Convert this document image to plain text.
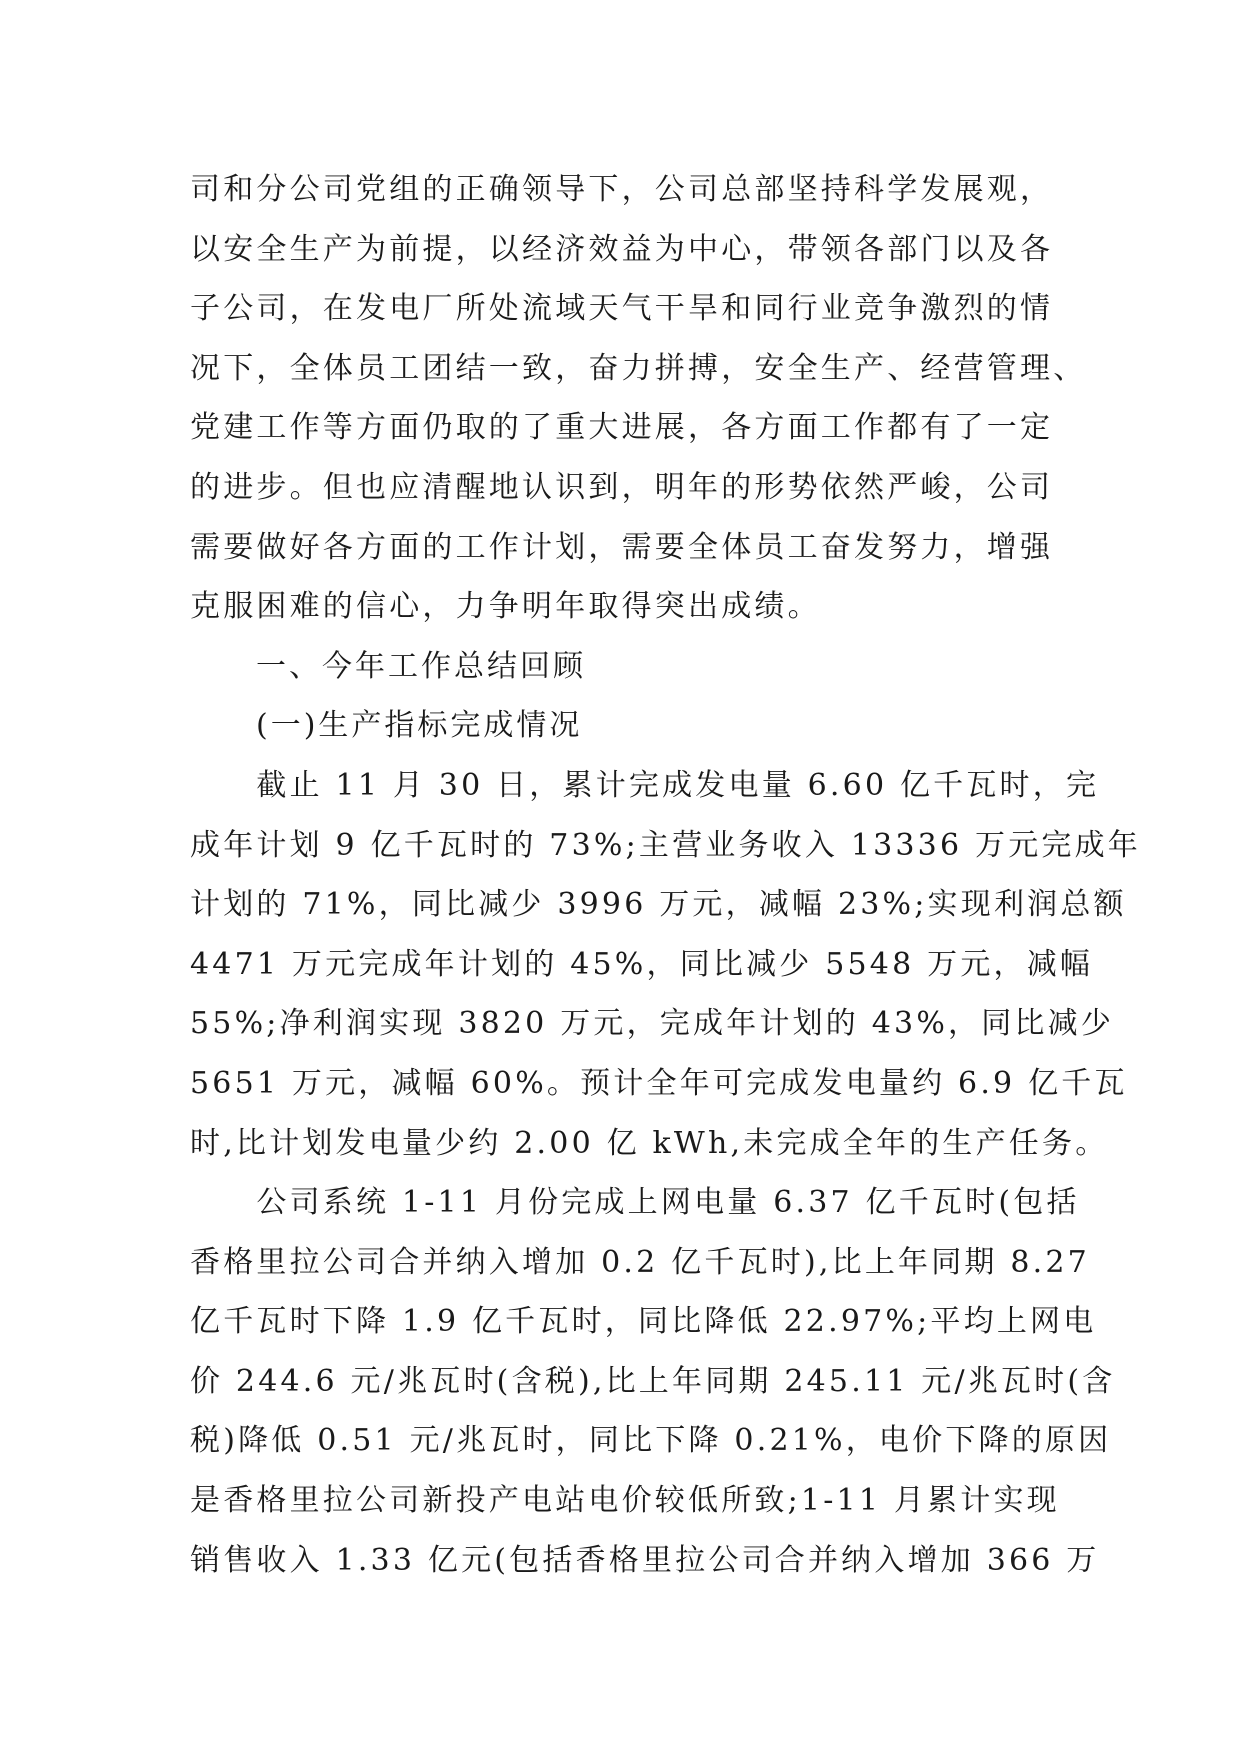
司和分公司党组的正确领导下，公司总部坚持科学发展观，
以安全生产为前提，以经济效益为中心，带领各部门以及各
子公司，在发电厂所处流域天气干旱和同行业竞争激烈的情
况下，全体员工团结一致，奋力拼搏，安全生产、经营管理、
党建工作等方面仍取的了重大进展，各方面工作都有了一定
的进步。但也应清醒地认识到，明年的形势依然严峻，公司
需要做好各方面的工作计划，需要全体员工奋发努力，增强
克服困难的信心，力争明年取得突出成绩。
　　一、今年工作总结回顾
　　(一)生产指标完成情况
　　截止 11 月 30 日，累计完成发电量 6.60 亿千瓦时，完
成年计划 9 亿千瓦时的 73%;主营业务收入 13336 万元完成年
计划的 71%，同比减少 3996 万元，减幅 23%;实现利润总额
4471 万元完成年计划的 45%，同比减少 5548 万元，减幅
55%;净利润实现 3820 万元，完成年计划的 43%，同比减少
5651 万元，减幅 60%。预计全年可完成发电量约 6.9 亿千瓦
时,比计划发电量少约 2.00 亿 kWh,未完成全年的生产任务。
　　公司系统 1-11 月份完成上网电量 6.37 亿千瓦时(包括
香格里拉公司合并纳入增加 0.2 亿千瓦时),比上年同期 8.27
亿千瓦时下降 1.9 亿千瓦时，同比降低 22.97%;平均上网电
价 244.6 元/兆瓦时(含税),比上年同期 245.11 元/兆瓦时(含
税)降低 0.51 元/兆瓦时，同比下降 0.21%，电价下降的原因
是香格里拉公司新投产电站电价较低所致;1-11 月累计实现
销售收入 1.33 亿元(包括香格里拉公司合并纳入增加 366 万
